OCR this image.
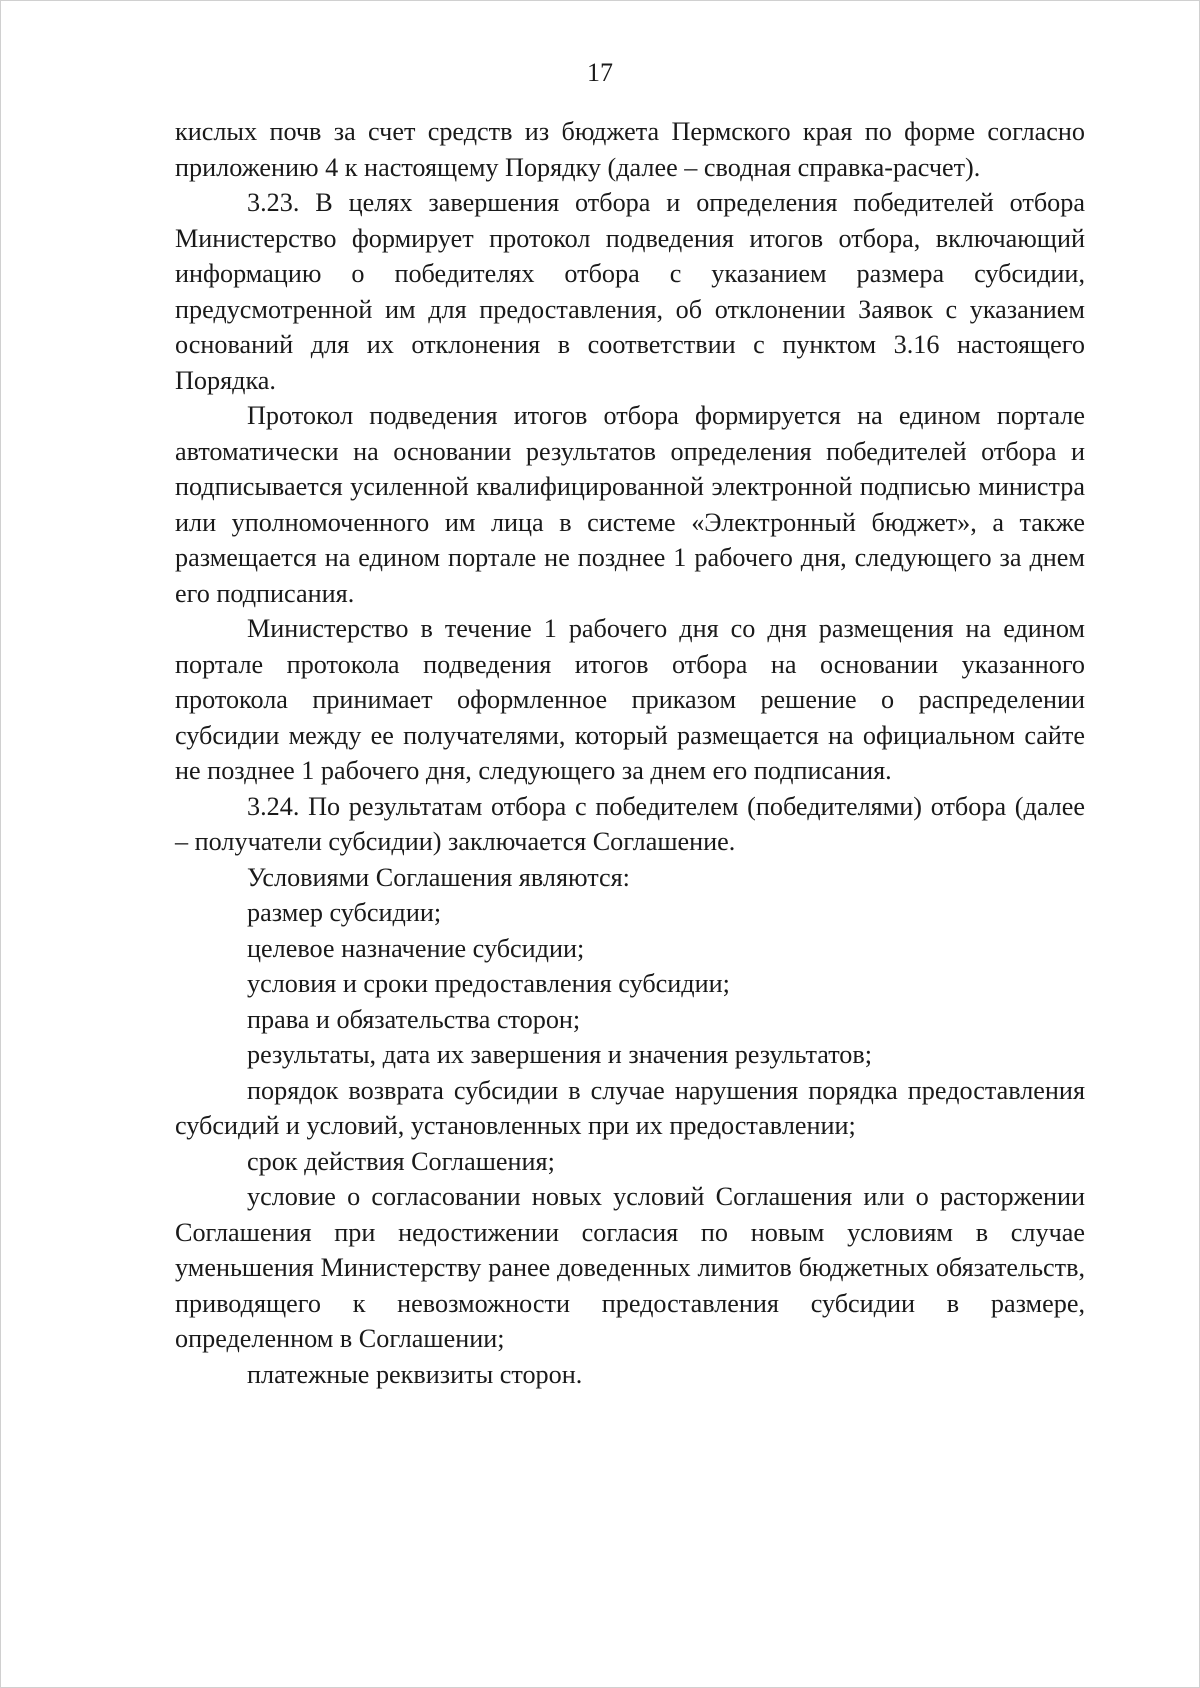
17

кислых почв за счет средств из бюджета Пермского края по форме согласно приложению 4 к настоящему Порядку (далее – сводная справка-расчет).

3.23. В целях завершения отбора и определения победителей отбора Министерство формирует протокол подведения итогов отбора, включающий информацию о победителях отбора с указанием размера субсидии, предусмотренной им для предоставления, об отклонении Заявок с указанием оснований для их отклонения в соответствии с пунктом 3.16 настоящего Порядка.

Протокол подведения итогов отбора формируется на едином портале автоматически на основании результатов определения победителей отбора и подписывается усиленной квалифицированной электронной подписью министра или уполномоченного им лица в системе «Электронный бюджет», а также размещается на едином портале не позднее 1 рабочего дня, следующего за днем его подписания.

Министерство в течение 1 рабочего дня со дня размещения на едином портале протокола подведения итогов отбора на основании указанного протокола принимает оформленное приказом решение о распределении субсидии между ее получателями, который размещается на официальном сайте не позднее 1 рабочего дня, следующего за днем его подписания.

3.24. По результатам отбора с победителем (победителями) отбора (далее – получатели субсидии) заключается Соглашение.

Условиями Соглашения являются:

размер субсидии;

целевое назначение субсидии;

условия и сроки предоставления субсидии;

права и обязательства сторон;

результаты, дата их завершения и значения результатов;

порядок возврата субсидии в случае нарушения порядка предоставления субсидий и условий, установленных при их предоставлении;

срок действия Соглашения;

условие о согласовании новых условий Соглашения или о расторжении Соглашения при недостижении согласия по новым условиям в случае уменьшения Министерству ранее доведенных лимитов бюджетных обязательств, приводящего к невозможности предоставления субсидии в размере, определенном в Соглашении;

платежные реквизиты сторон.
